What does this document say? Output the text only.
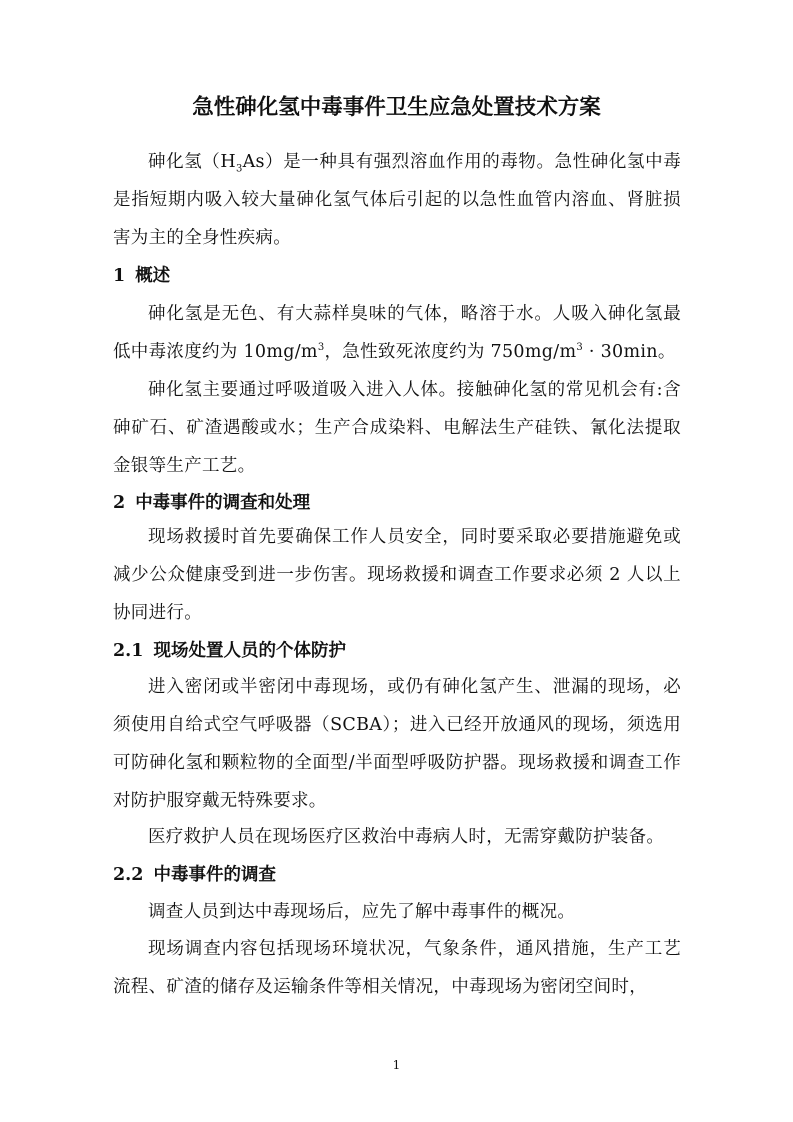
急性砷化氢中毒事件卫生应急处置技术方案

砷化氢$(H_3As)$是一种具有强烈溶血作用的毒物。急性砷化氢中毒是指短期内吸入较大量砷化氢气体后引起的以急性血管内溶血、肾脏损害为主的全身性疾病。

1 概述

砷化氢是无色、有大蒜样臭味的气体，略溶于水。人吸入砷化氢最低中毒浓度约为 $10mg/m^3$，急性致死浓度约为 $750mg/m^3 \cdot 30\min$。

砷化氢主要通过呼吸道吸入进入人体。接触砷化氢的常见机会有:含砷矿石、矿渣遇酸或水；生产合成染料、电解法生产硅铁、氰化法提取金银等生产工艺。

2 中毒事件的调查和处理

现场救援时首先要确保工作人员安全，同时要采取必要措施避免或减少公众健康受到进一步伤害。现场救援和调查工作要求必须 2 人以上协同进行。

2.1 现场处置人员的个体防护

进入密闭或半密闭中毒现场，或仍有砷化氢产生、泄漏的现场，必须使用自给式空气呼吸器（SCBA）；进入已经开放通风的现场，须选用可防砷化氢和颗粒物的全面型/半面型呼吸防护器。现场救援和调查工作对防护服穿戴无特殊要求。

医疗救护人员在现场医疗区救治中毒病人时，无需穿戴防护装备。

2.2 中毒事件的调查

调查人员到达中毒现场后，应先了解中毒事件的概况。

现场调查内容包括现场环境状况，气象条件，通风措施，生产工艺流程、矿渣的储存及运输条件等相关情况，中毒现场为密闭空间时，

1
